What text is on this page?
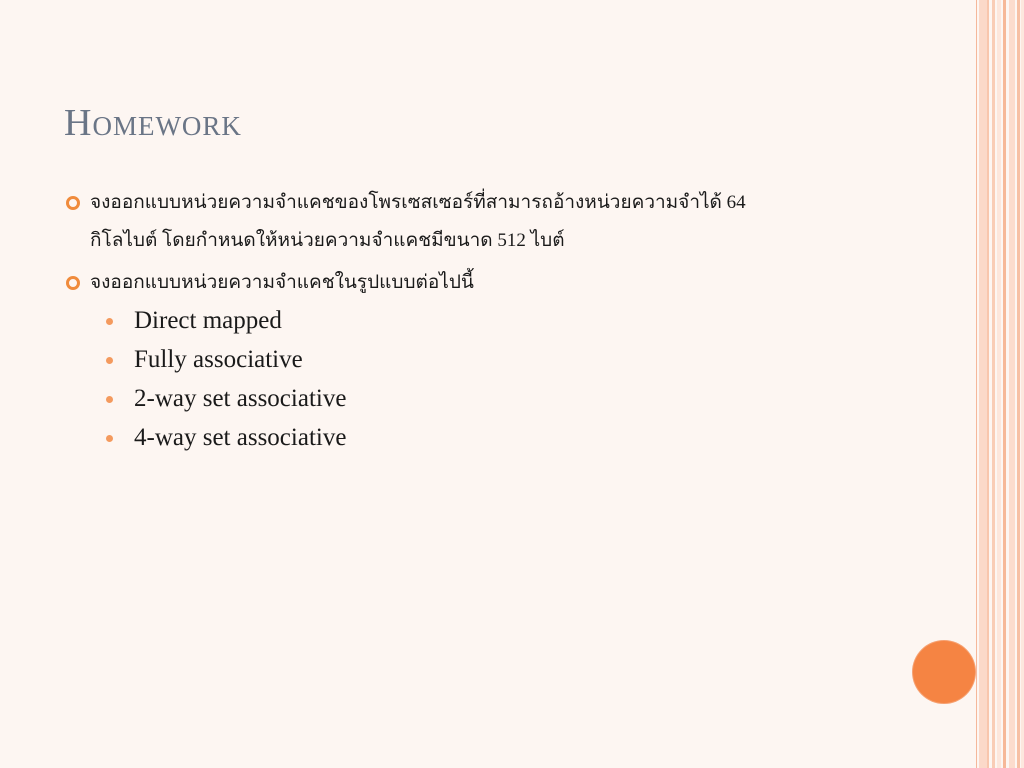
Homework
จงออกแบบหน่วยความจำแคชของโพรเซสเซอร์ที่สามารถอ้างหน่วยความจำได้ 64
กิโลไบต์ โดยกำหนดให้หน่วยความจำแคชมีขนาด 512 ไบต์
จงออกแบบหน่วยความจำแคชในรูปแบบต่อไปนี้
Direct mapped
Fully associative
2-way set associative
4-way set associative
